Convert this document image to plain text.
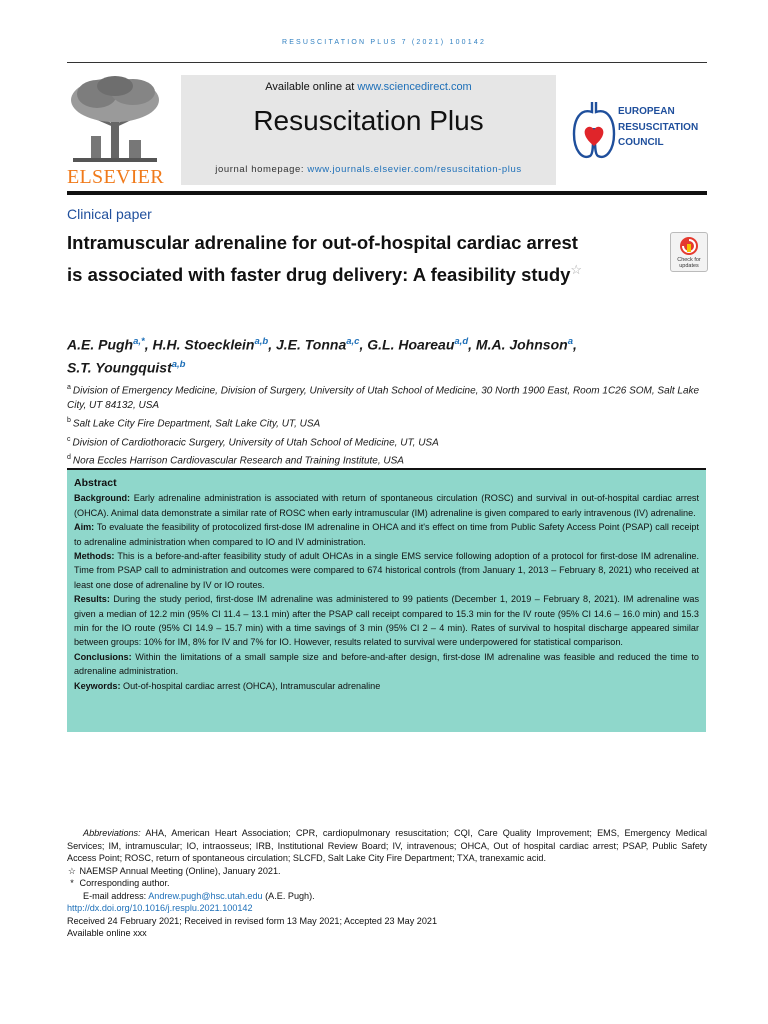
RESUSCITATION PLUS 7 (2021) 100142
ELSEVIER
Available online at www.sciencedirect.com
Resuscitation Plus
journal homepage: www.journals.elsevier.com/resuscitation-plus
EUROPEAN
RESUSCITATION
COUNCIL
Clinical paper
Intramuscular adrenaline for out-of-hospital cardiac arrest is associated with faster drug delivery: A feasibility study☆
Check for updates
A.E. Pugh$^{a,*}$, H.H. Stoecklein$^{a,b}$, J.E. Tonna$^{a,c}$, G.L. Hoareau$^{a,d}$, M.A. Johnson$^a$,
S.T. Youngquist$^{a,b}$
$^a$ Division of Emergency Medicine, Division of Surgery, University of Utah School of Medicine, 30 North 1900 East, Room 1C26 SOM, Salt Lake City, UT 84132, USA
$^b$ Salt Lake City Fire Department, Salt Lake City, UT, USA
$^c$ Division of Cardiothoracic Surgery, University of Utah School of Medicine, UT, USA
$^d$ Nora Eccles Harrison Cardiovascular Research and Training Institute, USA
Abstract
Background: Early adrenaline administration is associated with return of spontaneous circulation (ROSC) and survival in out-of-hospital cardiac arrest (OHCA). Animal data demonstrate a similar rate of ROSC when early intramuscular (IM) adrenaline is given compared to early intravenous (IV) adrenaline.
Aim: To evaluate the feasibility of protocolized first-dose IM adrenaline in OHCA and it's effect on time from Public Safety Access Point (PSAP) call receipt to adrenaline administration when compared to IO and IV administration.
Methods: This is a before-and-after feasibility study of adult OHCAs in a single EMS service following adoption of a protocol for first-dose IM adrenaline. Time from PSAP call to administration and outcomes were compared to 674 historical controls (from January 1, 2013 – February 8, 2021) who received at least one dose of adrenaline by IV or IO routes.
Results: During the study period, first-dose IM adrenaline was administered to 99 patients (December 1, 2019 – February 8, 2021). IM adrenaline was given a median of 12.2 min (95% CI 11.4 – 13.1 min) after the PSAP call receipt compared to 15.3 min for the IV route (95% CI 14.6 – 16.0 min) and 15.3 min for the IO route (95% CI 14.9 – 15.7 min) with a time savings of 3 min (95% CI 2 – 4 min). Rates of survival to hospital discharge appeared similar between groups: 10% for IM, 8% for IV and 7% for IO. However, results related to survival were underpowered for statistical comparison.
Conclusions: Within the limitations of a small sample size and before-and-after design, first-dose IM adrenaline was feasible and reduced the time to adrenaline administration.
Keywords: Out-of-hospital cardiac arrest (OHCA), Intramuscular adrenaline
Abbreviations: AHA, American Heart Association; CPR, cardiopulmonary resuscitation; CQI, Care Quality Improvement; EMS, Emergency Medical Services; IM, intramuscular; IO, intraosseus; IRB, Institutional Review Board; IV, intravenous; OHCA, Out of hospital cardiac arrest; PSAP, Public Safety Access Point; ROSC, return of spontaneous circulation; SLCFD, Salt Lake City Fire Department; TXA, tranexamic acid.
☆ NAEMSP Annual Meeting (Online), January 2021.
* Corresponding author.
E-mail address: Andrew.pugh@hsc.utah.edu (A.E. Pugh).
http://dx.doi.org/10.1016/j.resplu.2021.100142
Received 24 February 2021; Received in revised form 13 May 2021; Accepted 23 May 2021
Available online xxx
